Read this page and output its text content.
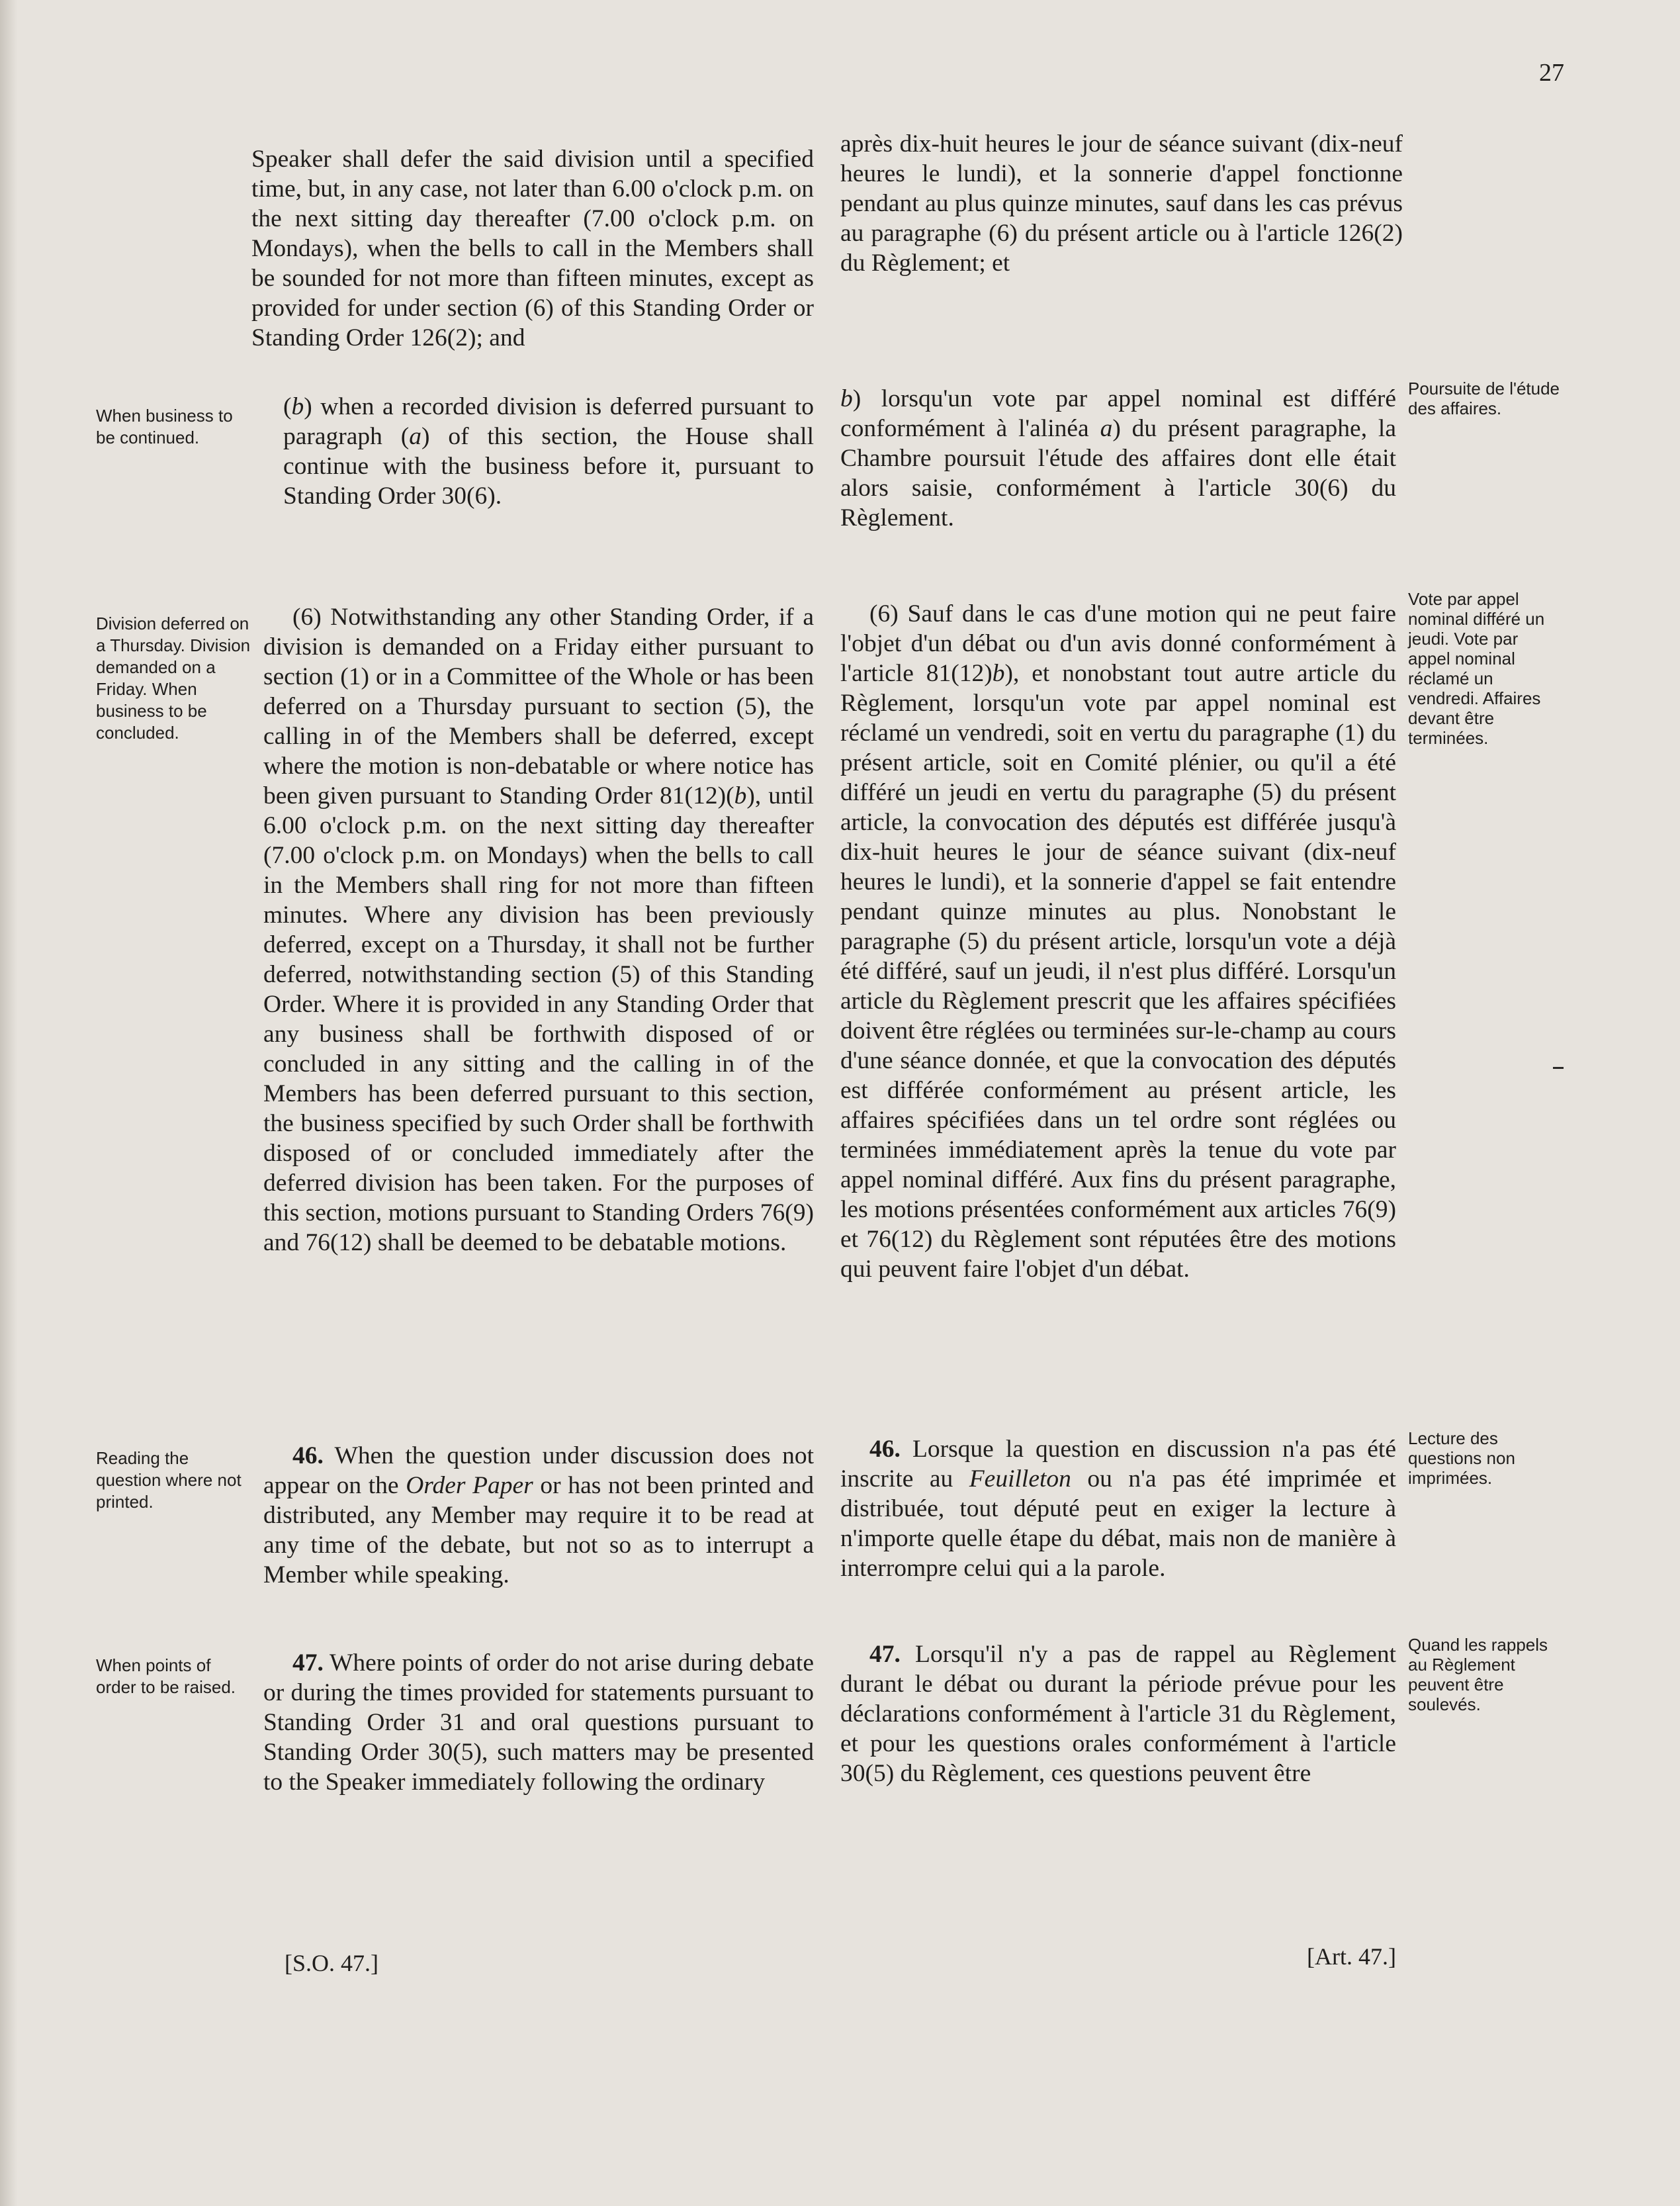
27
When business to be continued.
Division deferred on a Thursday. Division demanded on a Friday. When business to be concluded.
Reading the question where not printed.
When points of order to be raised.
Poursuite de l'étude des affaires.
Vote par appel nominal différé un jeudi. Vote par appel nominal réclamé un vendredi. Affaires devant être terminées.
Lecture des questions non imprimées.
Quand les rappels au Règlement peuvent être soulevés.

Speaker shall defer the said division until a specified time, but, in any case, not later than 6.00 o'clock p.m. on the next sitting day thereafter (7.00 o'clock p.m. on Mondays), when the bells to call in the Members shall be sounded for not more than fifteen minutes, except as provided for under section (6) of this Standing Order or Standing Order 126(2); and

(b) when a recorded division is deferred pursuant to paragraph (a) of this section, the House shall continue with the business before it, pursuant to Standing Order 30(6).

(6) Notwithstanding any other Standing Order, if a division is demanded on a Friday either pursuant to section (1) or in a Committee of the Whole or has been deferred on a Thursday pursuant to section (5), the calling in of the Members shall be deferred, except where the motion is non-debatable or where notice has been given pursuant to Standing Order 81(12)(b), until 6.00 o'clock p.m. on the next sitting day thereafter (7.00 o'clock p.m. on Mondays) when the bells to call in the Members shall ring for not more than fifteen minutes. Where any division has been previously deferred, except on a Thursday, it shall not be further deferred, notwithstanding section (5) of this Standing Order. Where it is provided in any Standing Order that any business shall be forthwith disposed of or concluded in any sitting and the calling in of the Members has been deferred pursuant to this section, the business specified by such Order shall be forthwith disposed of or concluded immediately after the deferred division has been taken. For the purposes of this section, motions pursuant to Standing Orders 76(9) and 76(12) shall be deemed to be debatable motions.

46. When the question under discussion does not appear on the Order Paper or has not been printed and distributed, any Member may require it to be read at any time of the debate, but not so as to interrupt a Member while speaking.

47. Where points of order do not arise during debate or during the times provided for statements pursuant to Standing Order 31 and oral questions pursuant to Standing Order 30(5), such matters may be presented to the Speaker immediately following the ordinary

après dix-huit heures le jour de séance suivant (dix-neuf heures le lundi), et la sonnerie d'appel fonctionne pendant au plus quinze minutes, sauf dans les cas prévus au paragraphe (6) du présent article ou à l'article 126(2) du Règlement; et

b) lorsqu'un vote par appel nominal est différé conformément à l'alinéa a) du présent paragraphe, la Chambre poursuit l'étude des affaires dont elle était alors saisie, conformément à l'article 30(6) du Règlement.

(6) Sauf dans le cas d'une motion qui ne peut faire l'objet d'un débat ou d'un avis donné conformément à l'article 81(12)b), et nonobstant tout autre article du Règlement, lorsqu'un vote par appel nominal est réclamé un vendredi, soit en vertu du paragraphe (1) du présent article, soit en Comité plénier, ou qu'il a été différé un jeudi en vertu du paragraphe (5) du présent article, la convocation des députés est différée jusqu'à dix-huit heures le jour de séance suivant (dix-neuf heures le lundi), et la sonnerie d'appel se fait entendre pendant quinze minutes au plus. Nonobstant le paragraphe (5) du présent article, lorsqu'un vote a déjà été différé, sauf un jeudi, il n'est plus différé. Lorsqu'un article du Règlement prescrit que les affaires spécifiées doivent être réglées ou terminées sur-le-champ au cours d'une séance donnée, et que la convocation des députés est différée conformément au présent article, les affaires spécifiées dans un tel ordre sont réglées ou terminées immédiatement après la tenue du vote par appel nominal différé. Aux fins du présent paragraphe, les motions présentées conformément aux articles 76(9) et 76(12) du Règlement sont réputées être des motions qui peuvent faire l'objet d'un débat.

46. Lorsque la question en discussion n'a pas été inscrite au Feuilleton ou n'a pas été imprimée et distribuée, tout député peut en exiger la lecture à n'importe quelle étape du débat, mais non de manière à interrompre celui qui a la parole.

47. Lorsqu'il n'y a pas de rappel au Règlement durant le débat ou durant la période prévue pour les déclarations conformément à l'article 31 du Règlement, et pour les questions orales conformément à l'article 30(5) du Règlement, ces questions peuvent être

[S.O. 47.]	[Art. 47.]
